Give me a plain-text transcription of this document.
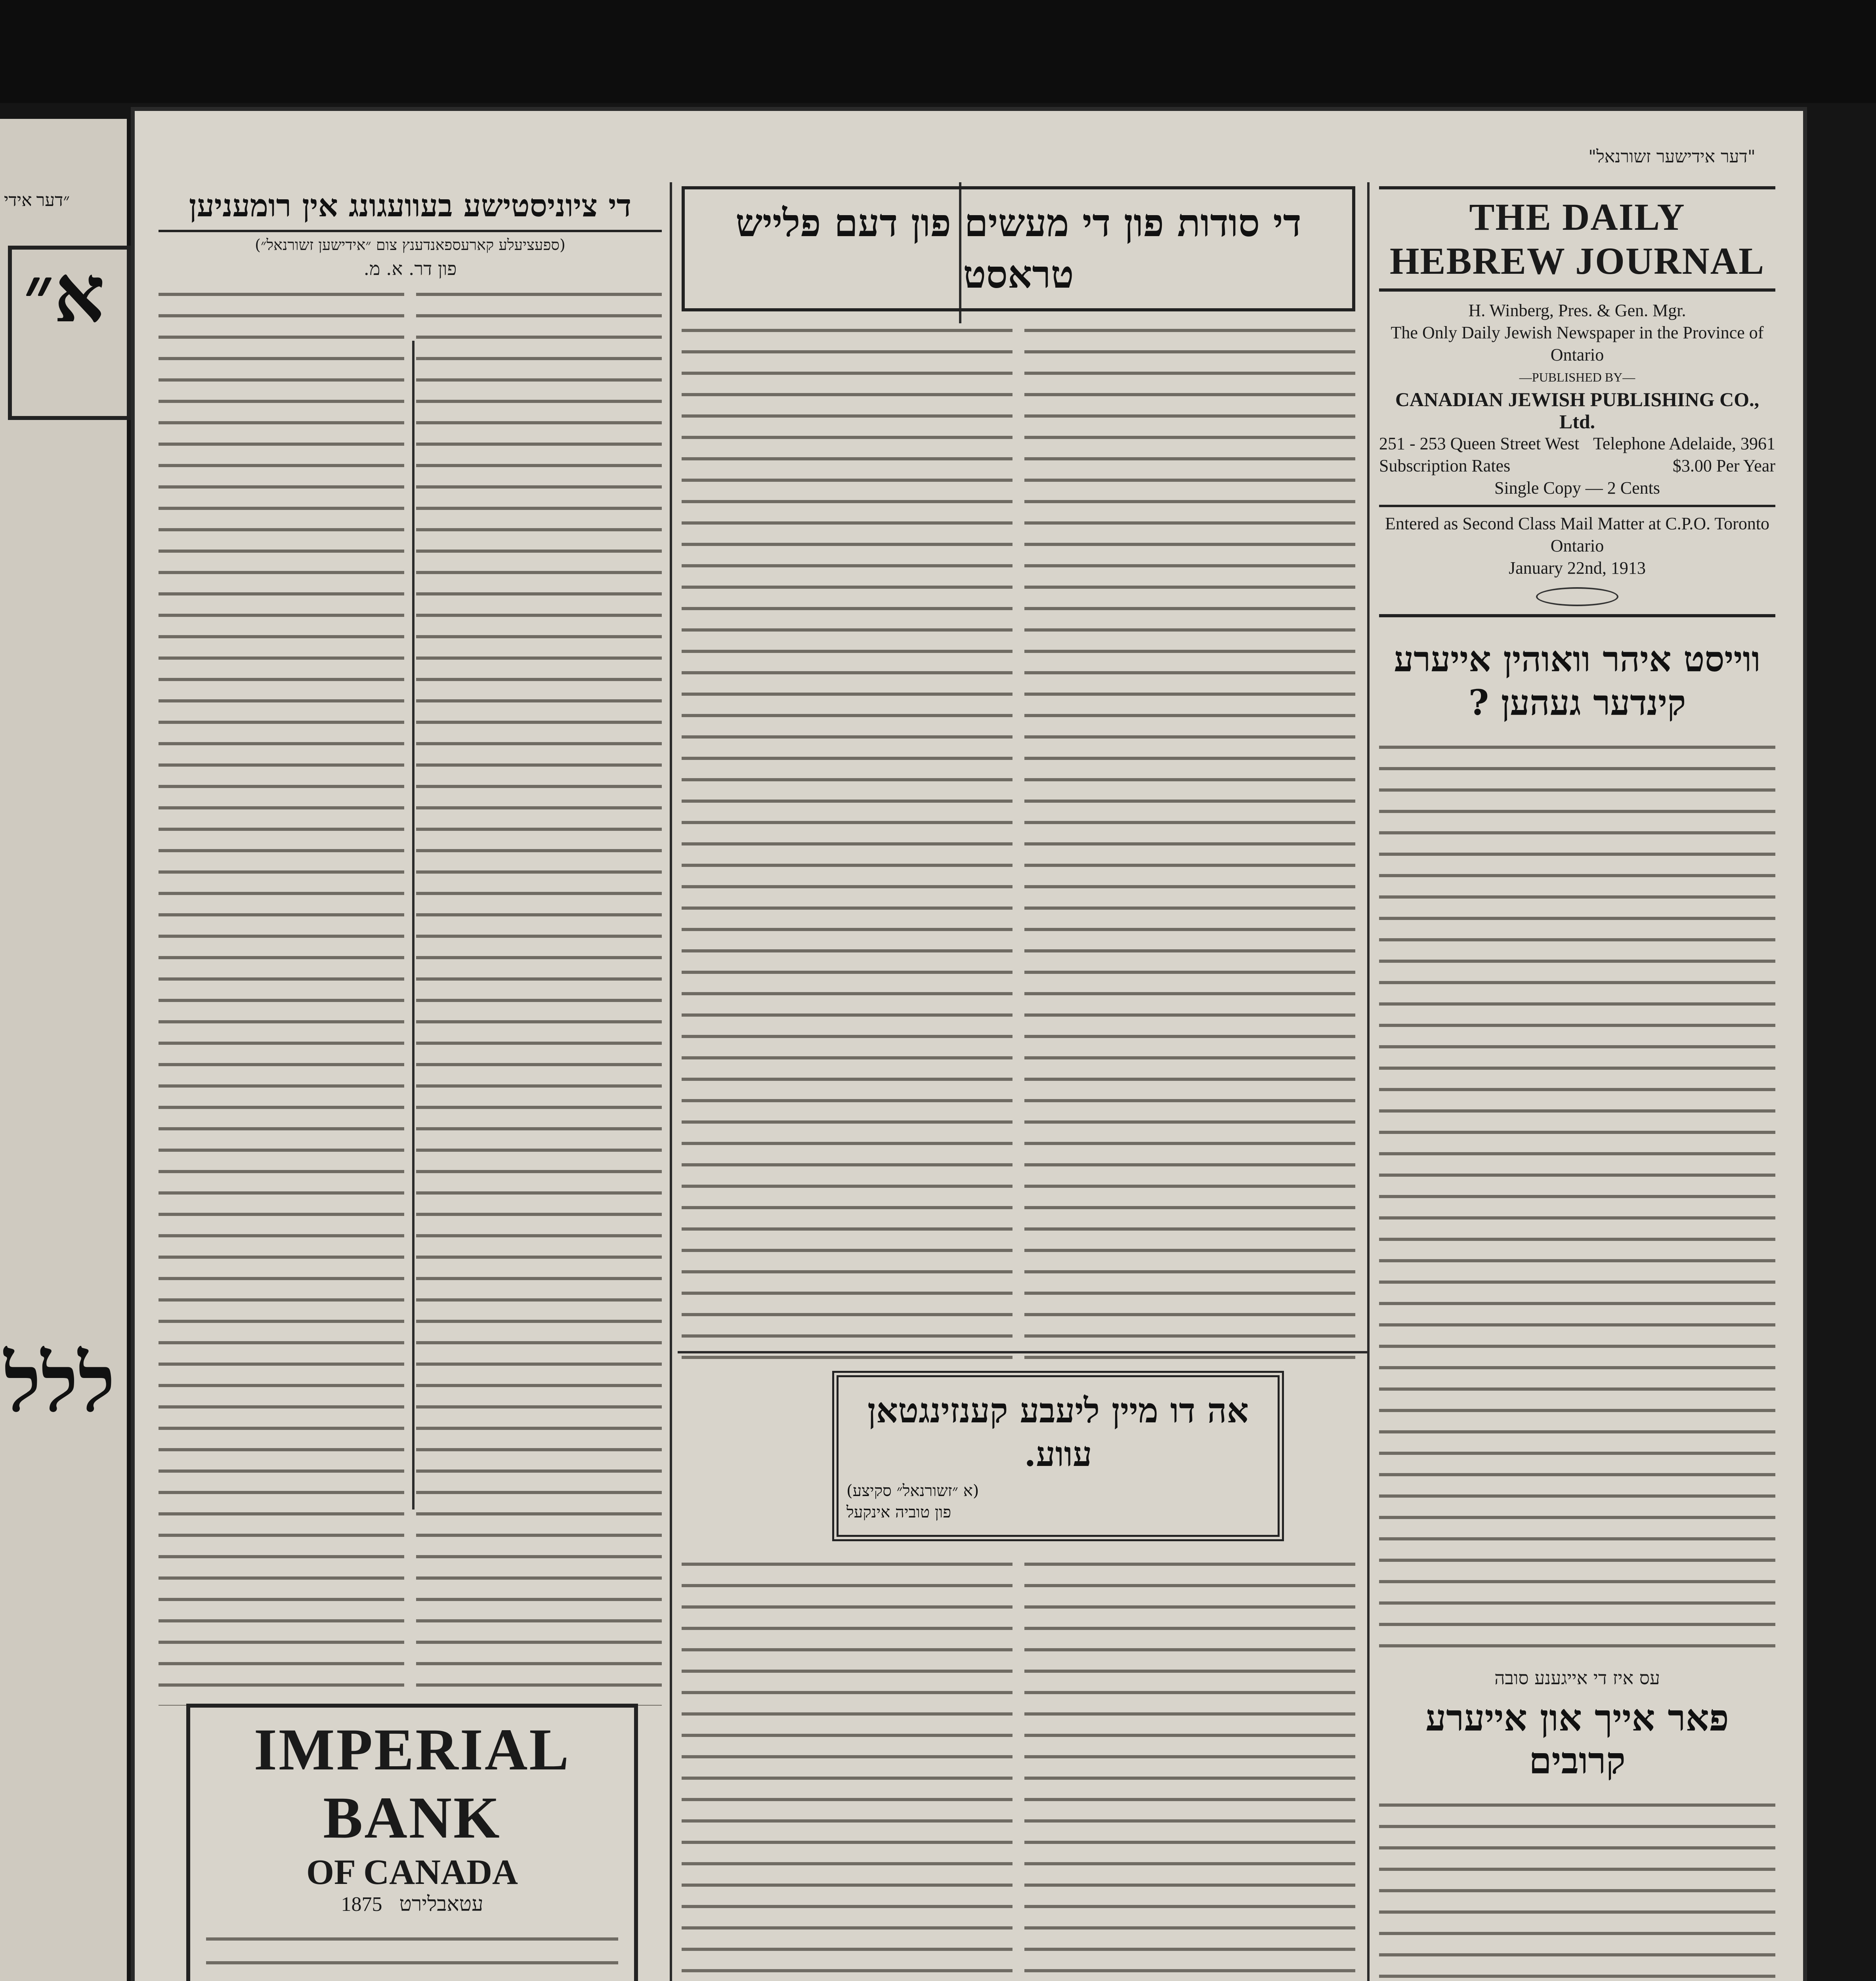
״דער אידי
א״
ללל
"דער אידישער זשורנאל"
THE DAILY HEBREW JOURNAL
H. Winberg, Pres. & Gen. Mgr.
The Only Daily Jewish Newspaper in the Province of Ontario
—PUBLISHED BY—
CANADIAN JEWISH PUBLISHING CO., Ltd.
251 - 253 Queen Street West Telephone Adelaide, 3961
Subscription Rates	$3.00 Per Year
Single Copy — 2 Cents
Entered as Second Class Mail Matter at C.P.O. Toronto Ontario
January 22nd, 1913
ווייסט איהר וואוהין אייערע קינדער געהען ?
עס איז די אייגענע סובה
פאר אייך און אייערע קרובים
די סודות פון די מעשים פון דעם פלייש טראסט
אה דו מיין ליעבע קענזינגטאן עווע.
(א ״זשורנאל״ סקיצע)
פון טוביה אינקעל
די ציוניסטישע בעוועגונג אין רומעניען
(ספעציעלע קארעספאנדענץ צום ״אידישען זשורנאל״)
פון דר. א. מ.
IMPERIAL BANK
OF CANADA
1875 עטאבלירט
